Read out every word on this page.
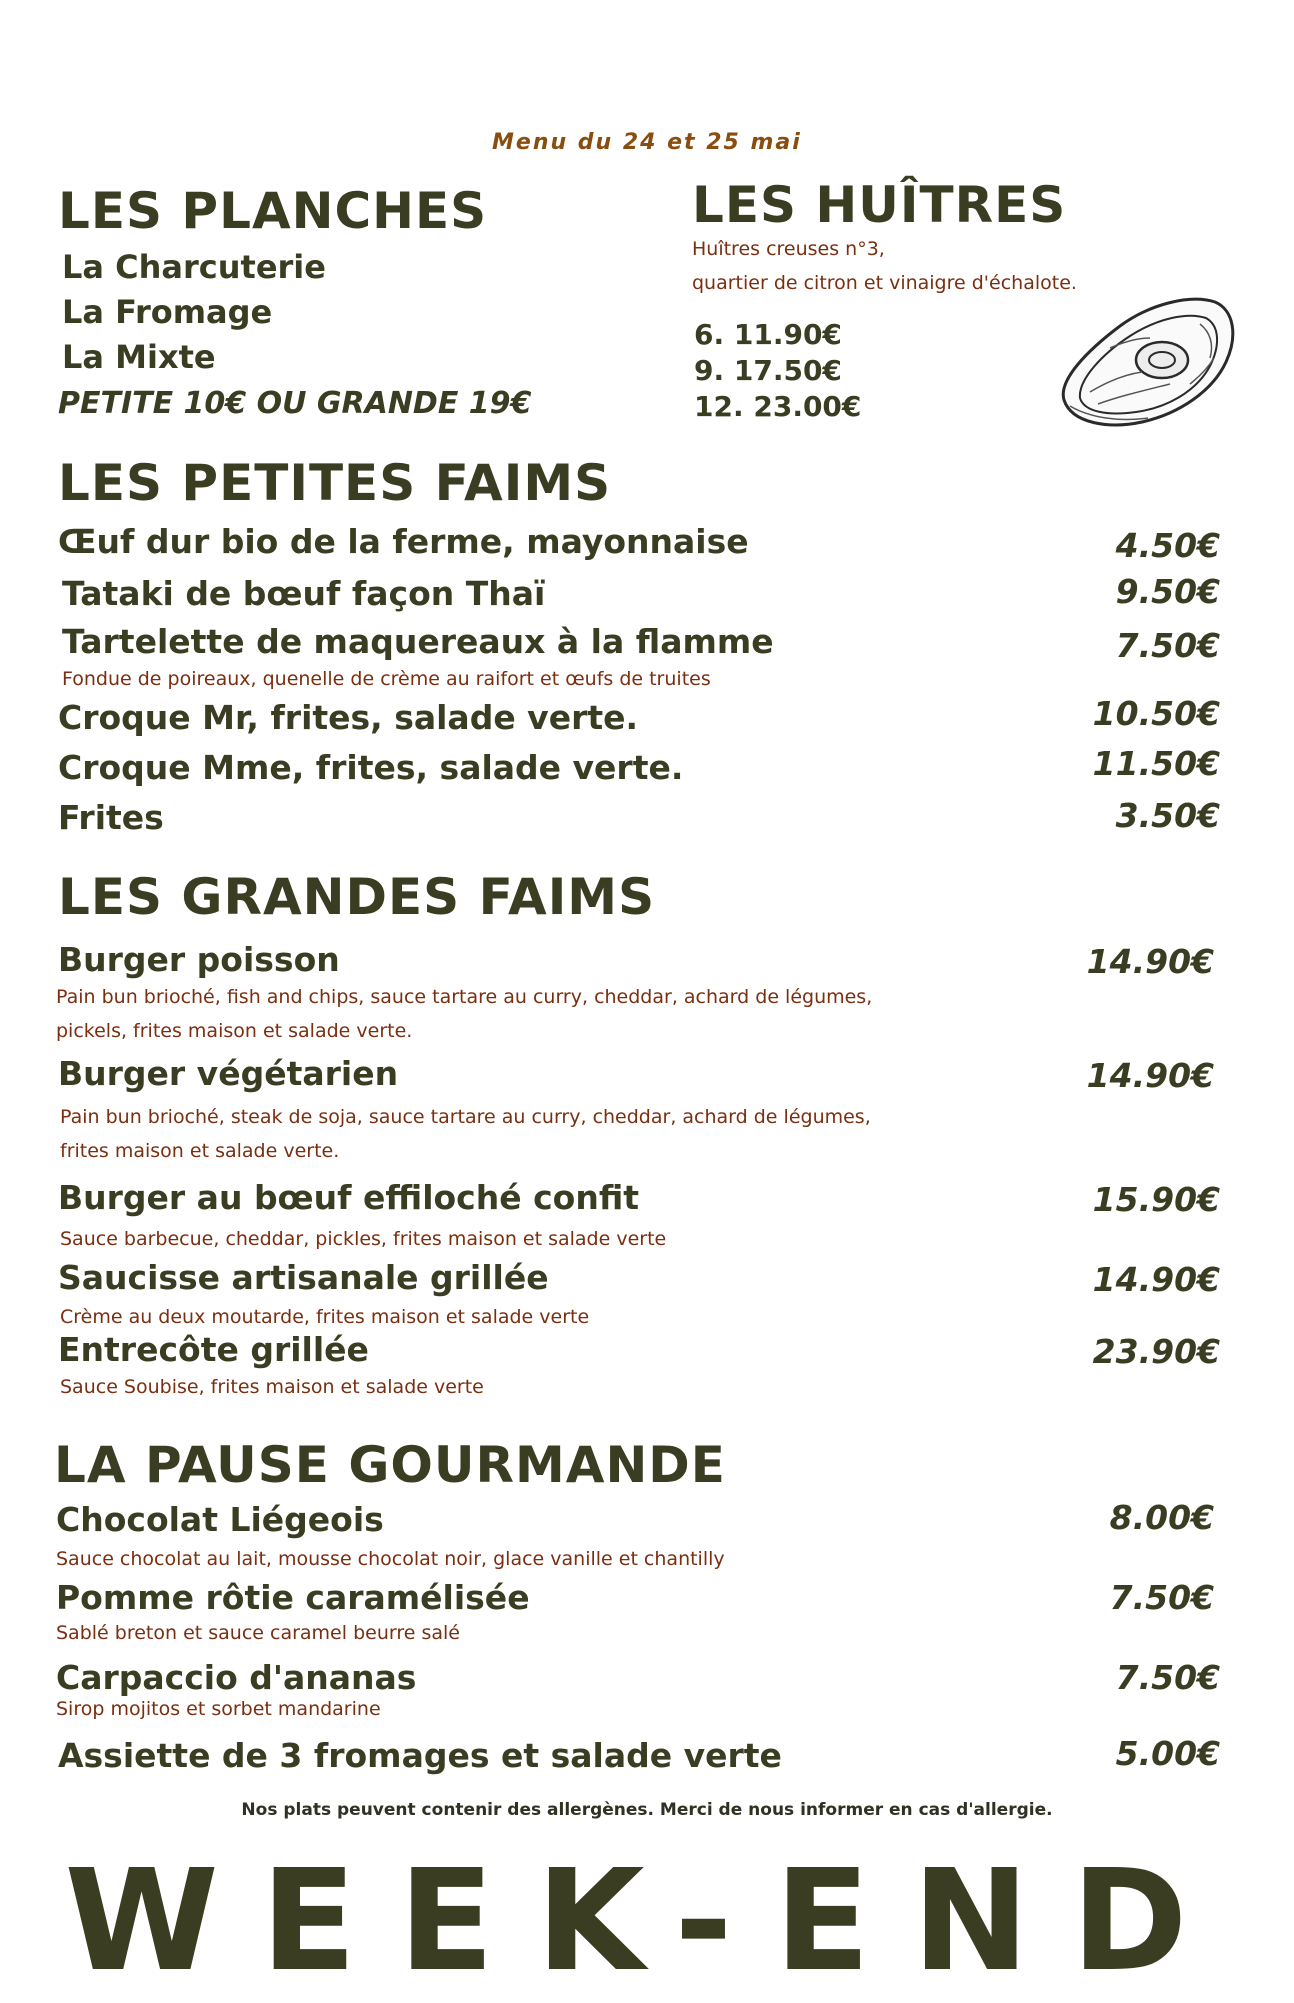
Menu du 24 et 25 mai
LES PLANCHES
La Charcuterie
La Fromage
La Mixte
PETITE 10€ OU GRANDE 19€
LES HUÎTRES
Huîtres creuses n°3,
quartier de citron et vinaigre d'échalote.
6. 11.90€
9. 17.50€
12. 23.00€
LES PETITES FAIMS
Œuf dur bio de la ferme, mayonnaise	4.50€
Tataki de bœuf façon Thaï	9.50€
Tartelette de maquereaux à la flamme	7.50€
Fondue de poireaux, quenelle de crème au raifort et œufs de truites
Croque Mr, frites, salade verte.	10.50€
Croque Mme, frites, salade verte.	11.50€
Frites	3.50€
LES GRANDES FAIMS
Burger poisson	14.90€
Pain bun brioché, fish and chips, sauce tartare au curry, cheddar, achard de légumes,
pickels, frites maison et salade verte.
Burger végétarien	14.90€
Pain bun brioché, steak de soja, sauce tartare au curry, cheddar, achard de légumes,
frites maison et salade verte.
Burger au bœuf effiloché confit	15.90€
Sauce barbecue, cheddar, pickles, frites maison et salade verte
Saucisse artisanale grillée	14.90€
Crème au deux moutarde, frites maison et salade verte
Entrecôte grillée	23.90€
Sauce Soubise, frites maison et salade verte
LA PAUSE GOURMANDE
Chocolat Liégeois	8.00€
Sauce chocolat au lait, mousse chocolat noir, glace vanille et chantilly
Pomme rôtie caramélisée	7.50€
Sablé breton et sauce caramel beurre salé
Carpaccio d'ananas	7.50€
Sirop mojitos et sorbet mandarine
Assiette de 3 fromages et salade verte	5.00€
Nos plats peuvent contenir des allergènes. Merci de nous informer en cas d'allergie.
WEEK-END
